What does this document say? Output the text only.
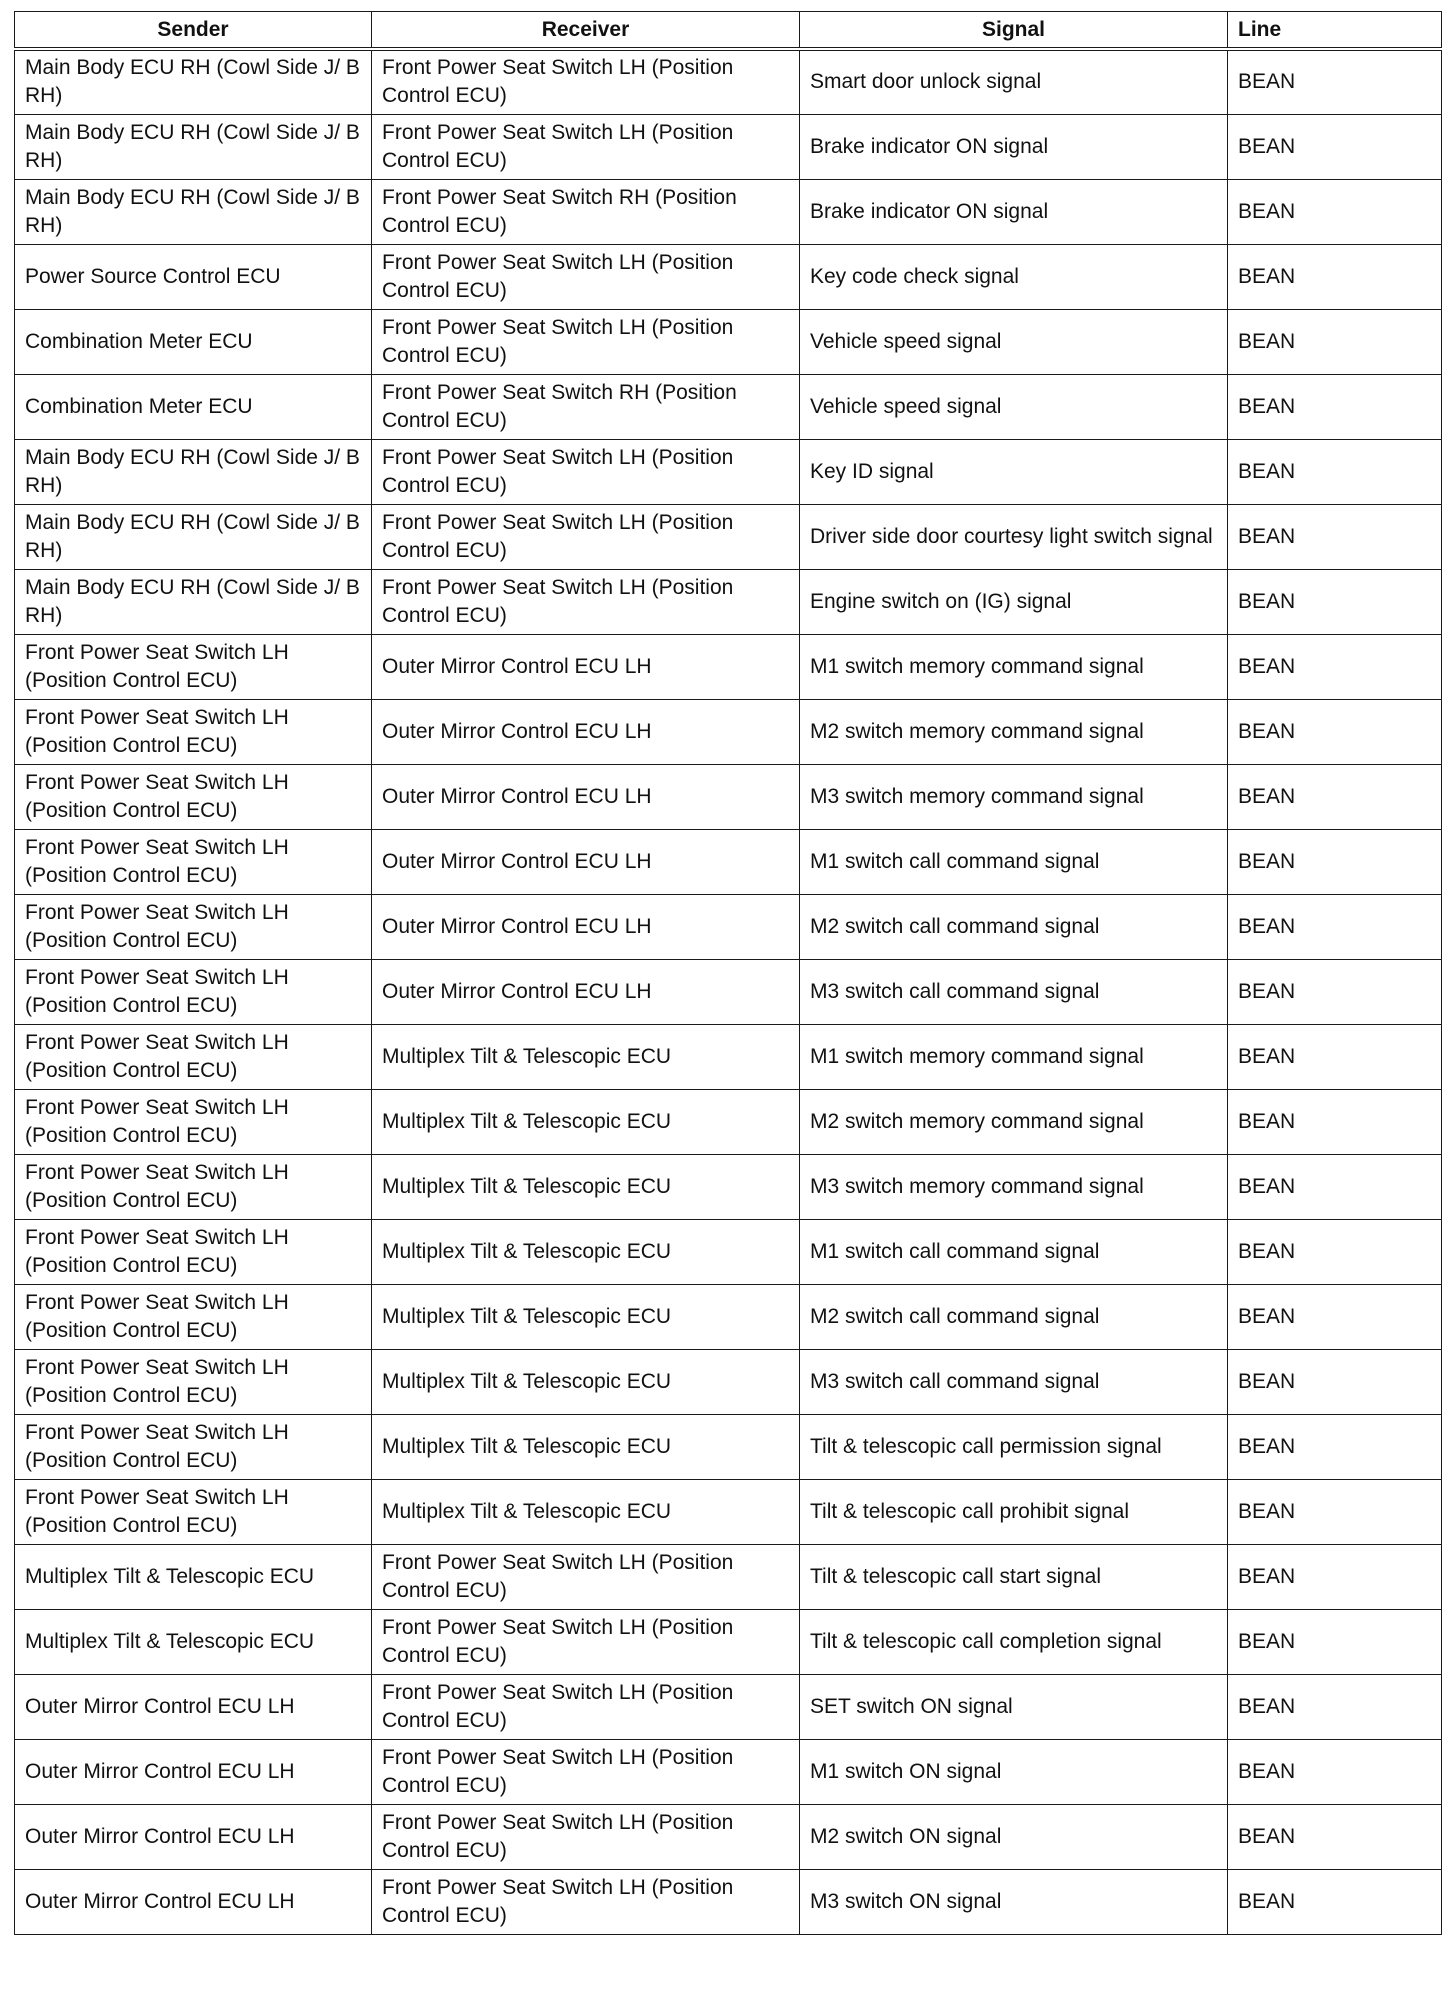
Sender	Receiver	Signal	Line
Main Body ECU RH (Cowl Side J/ B RH)	Front Power Seat Switch LH (Position Control ECU)	Smart door unlock signal	BEAN
Main Body ECU RH (Cowl Side J/ B RH)	Front Power Seat Switch LH (Position Control ECU)	Brake indicator ON signal	BEAN
Main Body ECU RH (Cowl Side J/ B RH)	Front Power Seat Switch RH (Position Control ECU)	Brake indicator ON signal	BEAN
Power Source Control ECU	Front Power Seat Switch LH (Position Control ECU)	Key code check signal	BEAN
Combination Meter ECU	Front Power Seat Switch LH (Position Control ECU)	Vehicle speed signal	BEAN
Combination Meter ECU	Front Power Seat Switch RH (Position Control ECU)	Vehicle speed signal	BEAN
Main Body ECU RH (Cowl Side J/ B RH)	Front Power Seat Switch LH (Position Control ECU)	Key ID signal	BEAN
Main Body ECU RH (Cowl Side J/ B RH)	Front Power Seat Switch LH (Position Control ECU)	Driver side door courtesy light switch signal	BEAN
Main Body ECU RH (Cowl Side J/ B RH)	Front Power Seat Switch LH (Position Control ECU)	Engine switch on (IG) signal	BEAN
Front Power Seat Switch LH (Position Control ECU)	Outer Mirror Control ECU LH	M1 switch memory command signal	BEAN
Front Power Seat Switch LH (Position Control ECU)	Outer Mirror Control ECU LH	M2 switch memory command signal	BEAN
Front Power Seat Switch LH (Position Control ECU)	Outer Mirror Control ECU LH	M3 switch memory command signal	BEAN
Front Power Seat Switch LH (Position Control ECU)	Outer Mirror Control ECU LH	M1 switch call command signal	BEAN
Front Power Seat Switch LH (Position Control ECU)	Outer Mirror Control ECU LH	M2 switch call command signal	BEAN
Front Power Seat Switch LH (Position Control ECU)	Outer Mirror Control ECU LH	M3 switch call command signal	BEAN
Front Power Seat Switch LH (Position Control ECU)	Multiplex Tilt & Telescopic ECU	M1 switch memory command signal	BEAN
Front Power Seat Switch LH (Position Control ECU)	Multiplex Tilt & Telescopic ECU	M2 switch memory command signal	BEAN
Front Power Seat Switch LH (Position Control ECU)	Multiplex Tilt & Telescopic ECU	M3 switch memory command signal	BEAN
Front Power Seat Switch LH (Position Control ECU)	Multiplex Tilt & Telescopic ECU	M1 switch call command signal	BEAN
Front Power Seat Switch LH (Position Control ECU)	Multiplex Tilt & Telescopic ECU	M2 switch call command signal	BEAN
Front Power Seat Switch LH (Position Control ECU)	Multiplex Tilt & Telescopic ECU	M3 switch call command signal	BEAN
Front Power Seat Switch LH (Position Control ECU)	Multiplex Tilt & Telescopic ECU	Tilt & telescopic call permission signal	BEAN
Front Power Seat Switch LH (Position Control ECU)	Multiplex Tilt & Telescopic ECU	Tilt & telescopic call prohibit signal	BEAN
Multiplex Tilt & Telescopic ECU	Front Power Seat Switch LH (Position Control ECU)	Tilt & telescopic call start signal	BEAN
Multiplex Tilt & Telescopic ECU	Front Power Seat Switch LH (Position Control ECU)	Tilt & telescopic call completion signal	BEAN
Outer Mirror Control ECU LH	Front Power Seat Switch LH (Position Control ECU)	SET switch ON signal	BEAN
Outer Mirror Control ECU LH	Front Power Seat Switch LH (Position Control ECU)	M1 switch ON signal	BEAN
Outer Mirror Control ECU LH	Front Power Seat Switch LH (Position Control ECU)	M2 switch ON signal	BEAN
Outer Mirror Control ECU LH	Front Power Seat Switch LH (Position Control ECU)	M3 switch ON signal	BEAN
